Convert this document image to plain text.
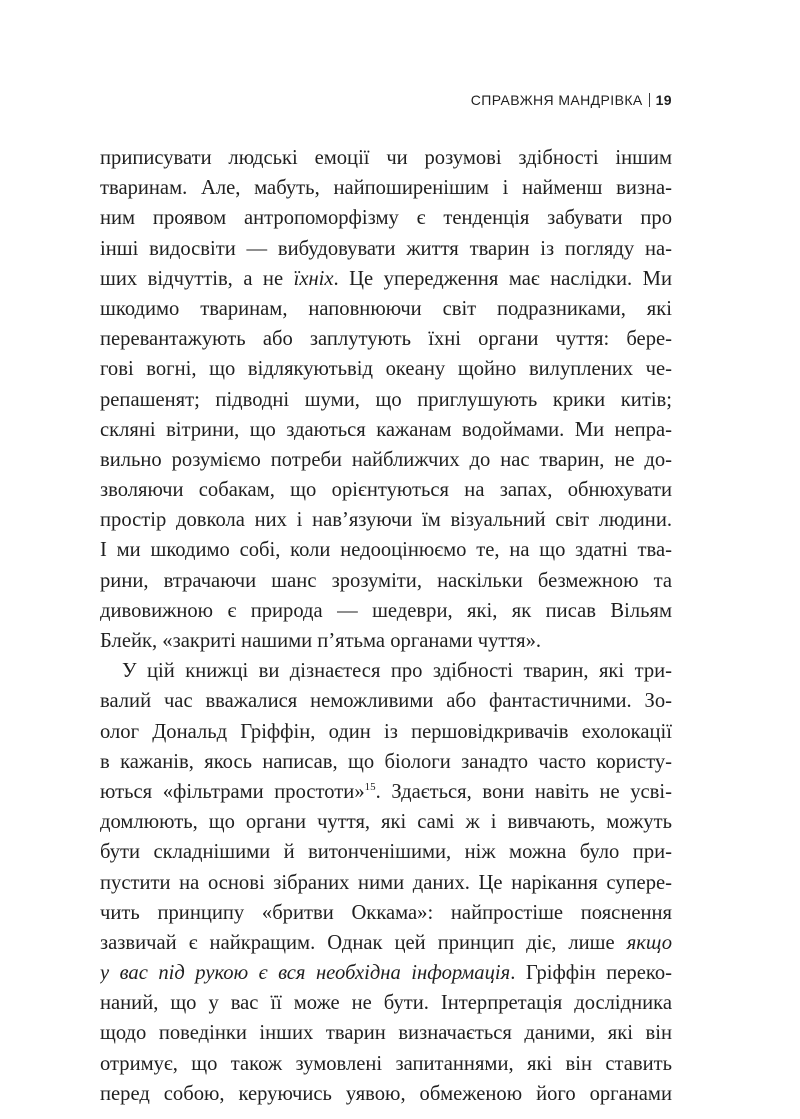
СПРАВЖНЯ МАНДРІВКА 19
приписувати людські емоції чи розумові здібності іншим
тваринам. Але, мабуть, найпоширенішим і найменш визна-
ним проявом антропоморфізму є тенденція забувати про
інші видосвіти — вибудовувати життя тварин із погляду на-
ших відчуттів, а не їхніх. Це упередження має наслідки. Ми
шкодимо тваринам, наповнюючи світ подразниками, які
перевантажують або заплутують їхні органи чуття: бере-
гові вогні, що відлякуютьвід океану щойно вилуплених че-
репашенят; підводні шуми, що приглушують крики китів;
скляні вітрини, що здаються кажанам водоймами. Ми непра-
вильно розуміємо потреби найближчих до нас тварин, не до-
зволяючи собакам, що орієнтуються на запах, обнюхувати
простір довкола них і нав’язуючи їм візуальний світ людини.
І ми шкодимо собі, коли недооцінюємо те, на що здатні тва-
рини, втрачаючи шанс зрозуміти, наскільки безмежною та
дивовижною є природа — шедеври, які, як писав Вільям
Блейк, «закриті нашими п’ятьма органами чуття».
У цій книжці ви дізнаєтеся про здібності тварин, які три-
валий час вважалися неможливими або фантастичними. Зо-
олог Дональд Гріффін, один із першовідкривачів ехолокації
в кажанів, якось написав, що біологи занадто часто користу-
ються «фільтрами простоти»$^{15}$. Здається, вони навіть не усві-
домлюють, що органи чуття, які самі ж і вивчають, можуть
бути складнішими й витонченішими, ніж можна було при-
пустити на основі зібраних ними даних. Це нарікання супере-
чить принципу «бритви Оккама»: найпростіше пояснення
зазвичай є найкращим. Однак цей принцип діє, лише якщо
у вас під рукою є вся необхідна інформація. Гріффін переко-
наний, що у вас її може не бути. Інтерпретація дослідника
щодо поведінки інших тварин визначається даними, які він
отримує, що також зумовлені запитаннями, які він ставить
перед собою, керуючись уявою, обмеженою його органами
